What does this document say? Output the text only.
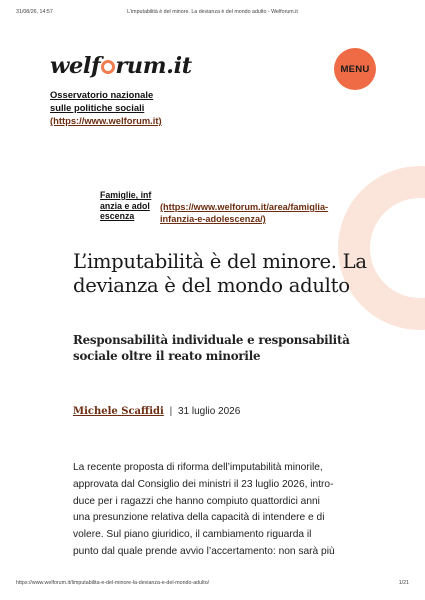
31/08/26, 14:57	L’imputabilità è del minore. La devianza è del mondo adulto - Welforum.it
welf rum.it	MENU
Osservatorio nazionale
sulle politiche sociali
(https://www.welforum.it)
Famiglie, infanzia e adolescenza
(https://www.welforum.it/area/famiglia-infanzia-e-adolescenza/)
L’imputabilità è del minore. La devianza è del mondo adulto
Responsabilità individuale e responsabilità sociale oltre il reato minorile
Michele Scaffidi | 31 luglio 2026
La recente proposta di riforma dell’imputabilità minorile,
approvata dal Consiglio dei ministri il 23 luglio 2026, intro-
duce per i ragazzi che hanno compiuto quattordici anni
una presunzione relativa della capacità di intendere e di
volere. Sul piano giuridico, il cambiamento riguarda il
punto dal quale prende avvio l’accertamento: non sarà più
https://www.welforum.it/limputabilita-e-del-minore-la-devianza-e-del-mondo-adulto/	1/21
